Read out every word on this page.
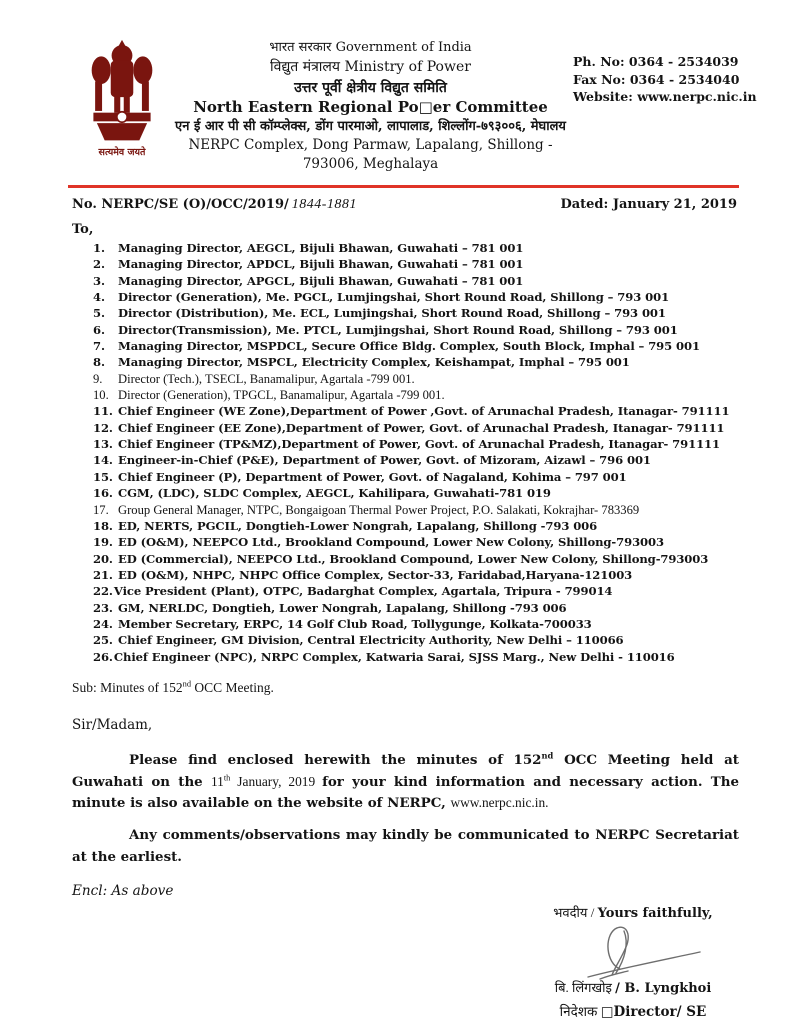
सत्यमेव जयते
भारत सरकार Government of India
विद्युत मंत्रालय Ministry of Power
उत्तर पूर्वी क्षेत्रीय विद्युत समिति
North Eastern Regional Po□er Committee
एन ई आर पी सी कॉम्प्लेक्स, डोंग पारमाओ, लापालाड, शिल्लोंग-७९३००६, मेघालय
NERPC Complex, Dong Parmaw, Lapalang, Shillong - 793006, Meghalaya
Ph. No: 0364 - 2534039
Fax No: 0364 - 2534040
Website: www.nerpc.nic.in
No. NERPC/SE (O)/OCC/2019/ 1844-1881	Dated: January 21, 2019
To,
1.	Managing Director, AEGCL, Bijuli Bhawan, Guwahati – 781 001
2.	Managing Director, APDCL, Bijuli Bhawan, Guwahati – 781 001
3.	Managing Director, APGCL, Bijuli Bhawan, Guwahati – 781 001
4.	Director (Generation), Me. PGCL, Lumjingshai, Short Round Road, Shillong – 793 001
5.	Director (Distribution), Me. ECL, Lumjingshai, Short Round Road, Shillong – 793 001
6.	Director(Transmission), Me. PTCL, Lumjingshai, Short Round Road, Shillong – 793 001
7.	Managing Director, MSPDCL, Secure Office Bldg. Complex, South Block, Imphal – 795 001
8.	Managing Director, MSPCL, Electricity Complex, Keishampat, Imphal – 795 001
9.	Director (Tech.), TSECL, Banamalipur, Agartala -799 001.
10. Director (Generation), TPGCL, Banamalipur, Agartala -799 001.
11. Chief Engineer (WE Zone),Department of Power ,Govt. of Arunachal Pradesh, Itanagar- 791111
12. Chief Engineer (EE Zone),Department of Power, Govt. of Arunachal Pradesh, Itanagar- 791111
13. Chief Engineer (TP&MZ),Department of Power, Govt. of Arunachal Pradesh, Itanagar- 791111
14. Engineer-in-Chief (P&E), Department of Power, Govt. of Mizoram, Aizawl – 796 001
15. Chief Engineer (P), Department of Power, Govt. of Nagaland, Kohima – 797 001
16. CGM, (LDC), SLDC Complex, AEGCL, Kahilipara, Guwahati-781 019
17. Group General Manager, NTPC, Bongaigoan Thermal Power Project, P.O. Salakati, Kokrajhar- 783369
18. ED, NERTS, PGCIL, Dongtieh-Lower Nongrah, Lapalang, Shillong -793 006
19. ED (O&M), NEEPCO Ltd., Brookland Compound, Lower New Colony, Shillong-793003
20. ED (Commercial), NEEPCO Ltd., Brookland Compound, Lower New Colony, Shillong-793003
21. ED (O&M), NHPC, NHPC Office Complex, Sector-33, Faridabad,Haryana-121003
22. Vice President (Plant), OTPC, Badarghat Complex, Agartala, Tripura - 799014
23. GM, NERLDC, Dongtieh, Lower Nongrah, Lapalang, Shillong -793 006
24. Member Secretary, ERPC, 14 Golf Club Road, Tollygunge, Kolkata-700033
25. Chief Engineer, GM Division, Central Electricity Authority, New Delhi – 110066
26. Chief Engineer (NPC), NRPC Complex, Katwaria Sarai, SJSS Marg., New Delhi - 110016
Sub: Minutes of 152nd OCC Meeting.
Sir/Madam,

Please find enclosed herewith the minutes of 152nd OCC Meeting held at Guwahati on the 11th January, 2019 for your kind information and necessary action. The minute is also available on the website of NERPC, www.nerpc.nic.in.

Any comments/observations may kindly be communicated to NERPC Secretariat at the earliest.

Encl: As above
भवदीय / Yours faithfully,
बि. लिंगखोइ / B. Lyngkhoi
निदेशक □Director/ SE
